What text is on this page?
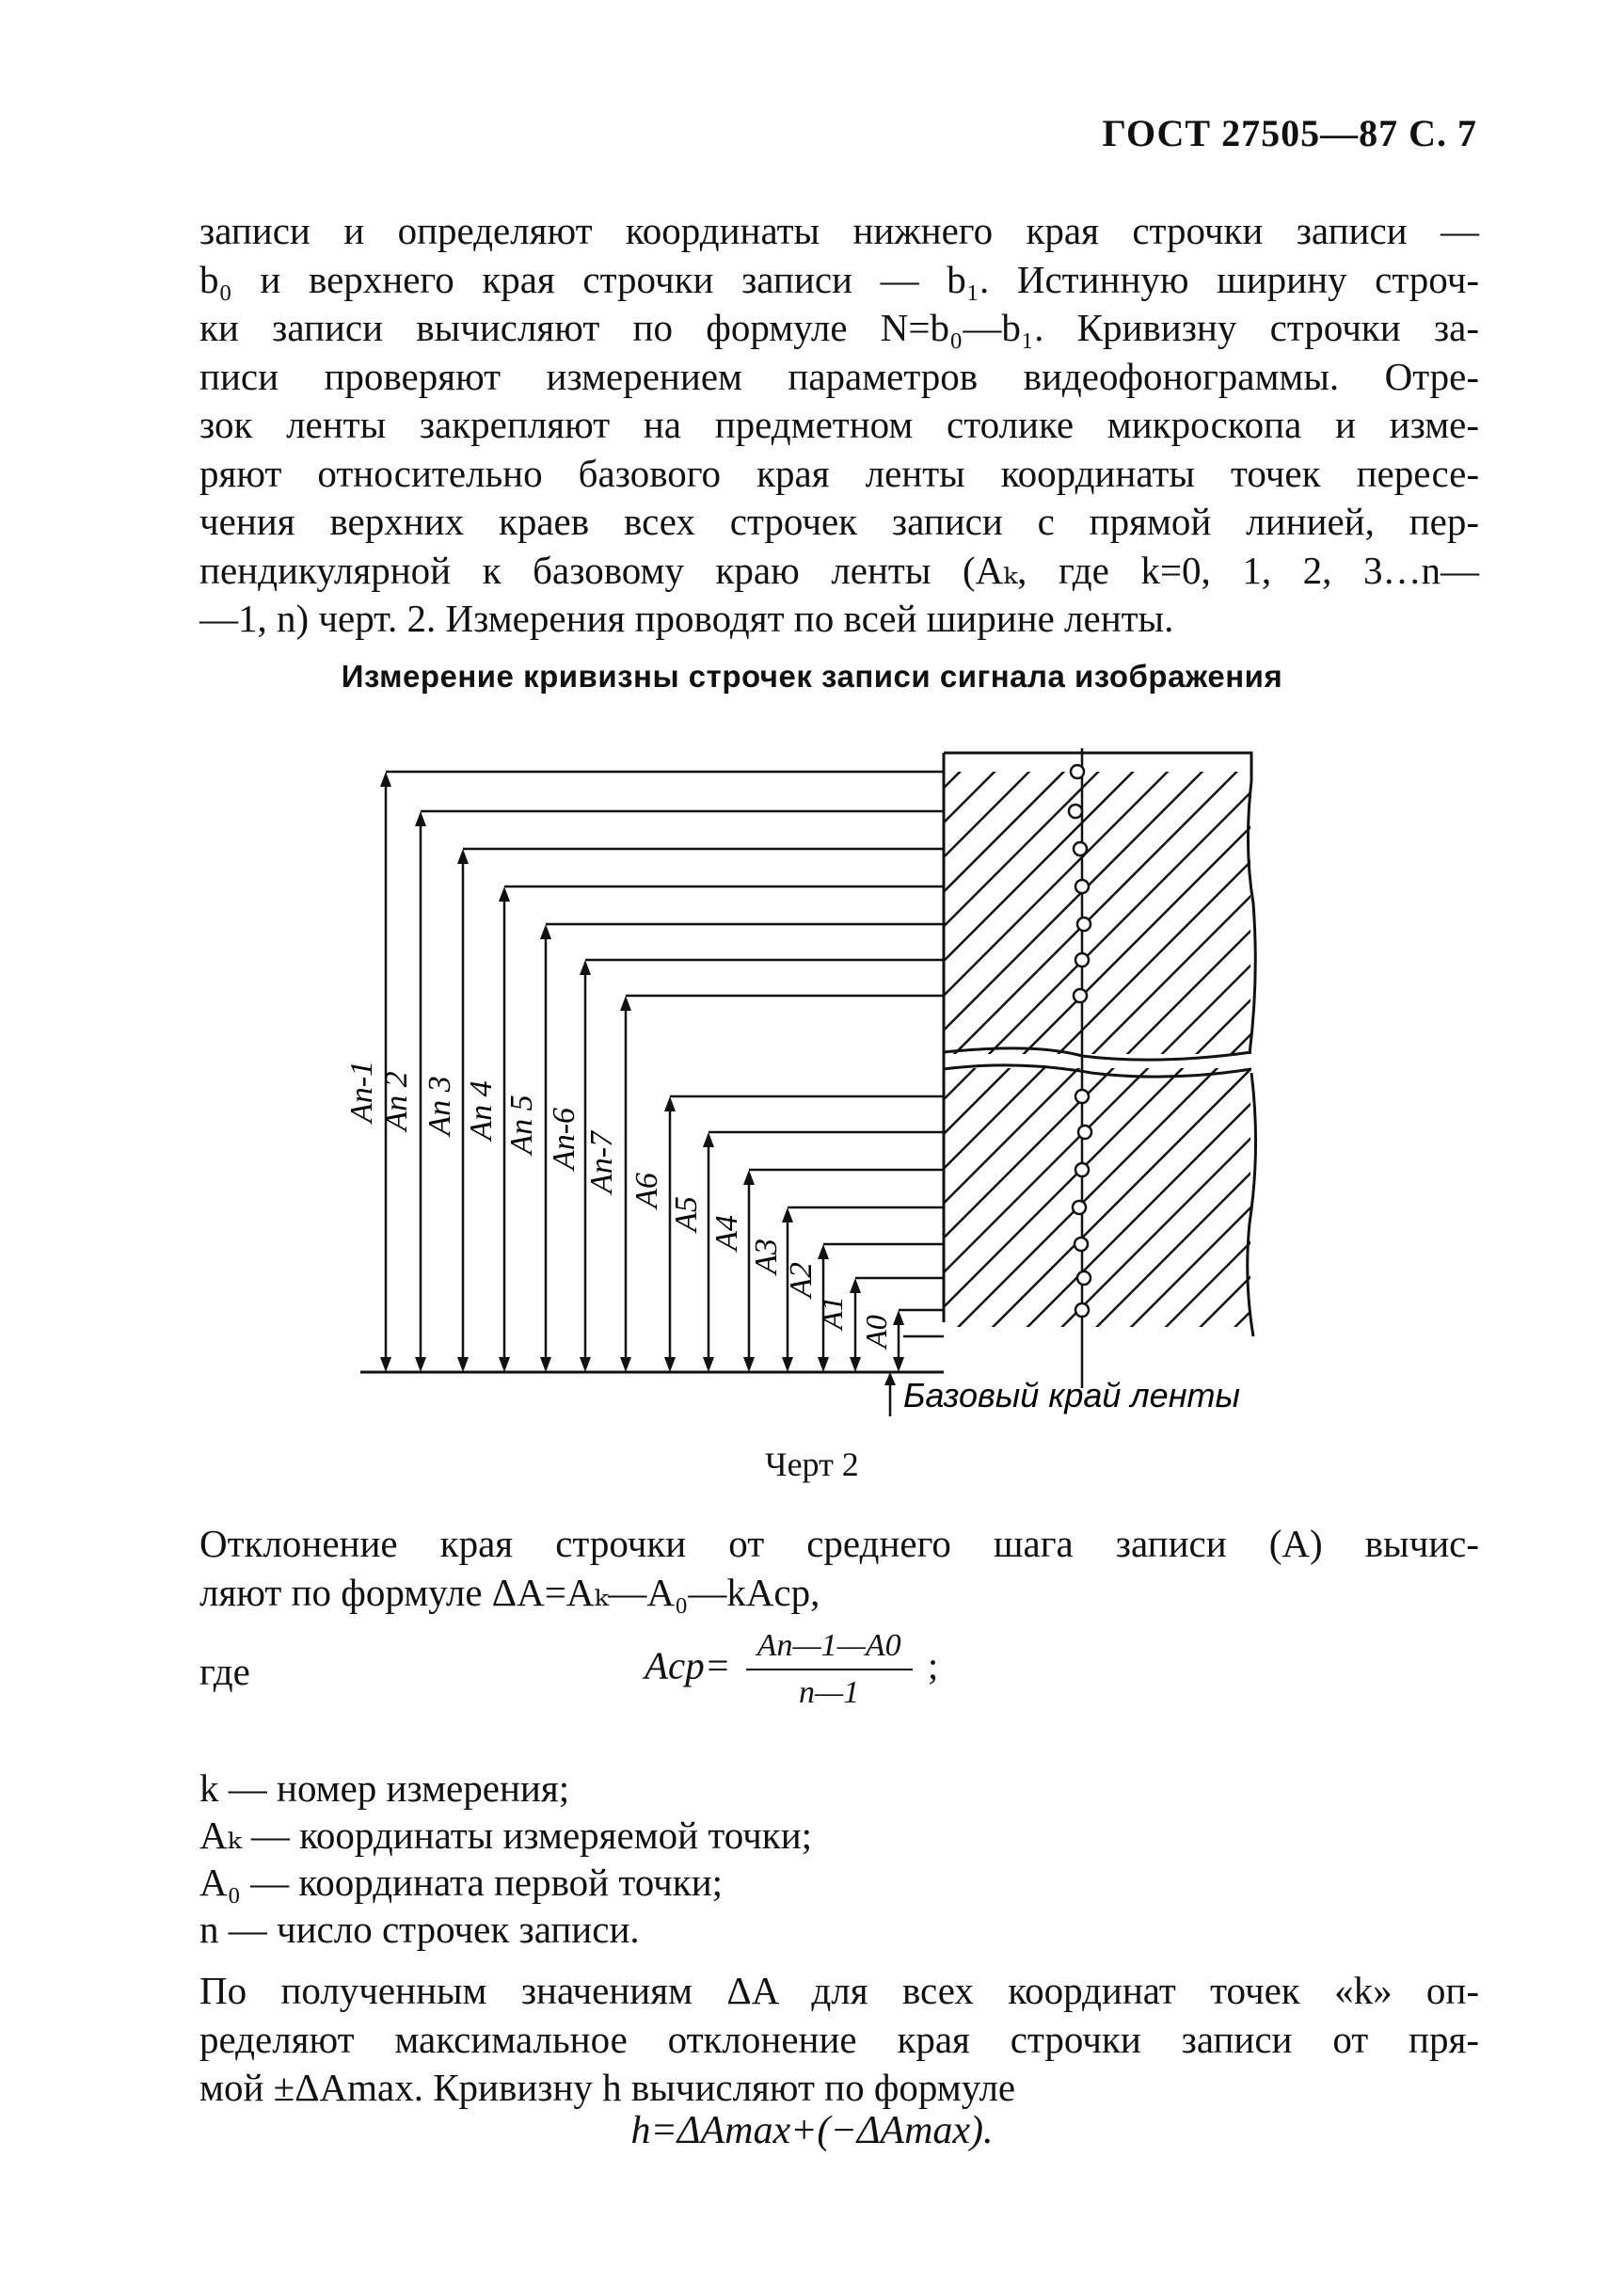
ГОСТ 27505—87 С. 7
записи и определяют координаты нижнего края строчки записи —
b₀ и верхнего края строчки записи — b₁. Истинную ширину строч-
ки записи вычисляют по формуле N=b₀—b₁. Кривизну строчки за-
писи проверяют измерением параметров видеофонограммы. Отре-
зок ленты закрепляют на предметном столике микроскопа и изме-
ряют относительно базового края ленты координаты точек пересе-
чения верхних краев всех строчек записи с прямой линией, пер-
пендикулярной к базовому краю ленты (Aₖ, где k=0, 1, 2, 3…n—
—1, n) черт. 2. Измерения проводят по всей ширине ленты.
Измерение кривизны строчек записи сигнала изображения
An-1 An 2 An 3 An 4 An 5 An-6 An-7 A6
A5
A4
A3
A2
A1
A0
Базовый край ленты
Черт 2
Отклонение края строчки от среднего шага записи (A) вычис-
ляют по формуле ΔA=Aₖ—A₀—kAср,
где	$Aср= \frac{An—1—A0}{n—1}$ ;
k — номер измерения;
Aₖ — координаты измеряемой точки;
A₀ — координата первой точки;
n — число строчек записи.
По полученным значениям ΔA для всех координат точек «k» оп-
ределяют максимальное отклонение края строчки записи от пря-
мой ±ΔAmax. Кривизну h вычисляют по формуле
h=ΔAmax+(−ΔAmax).
